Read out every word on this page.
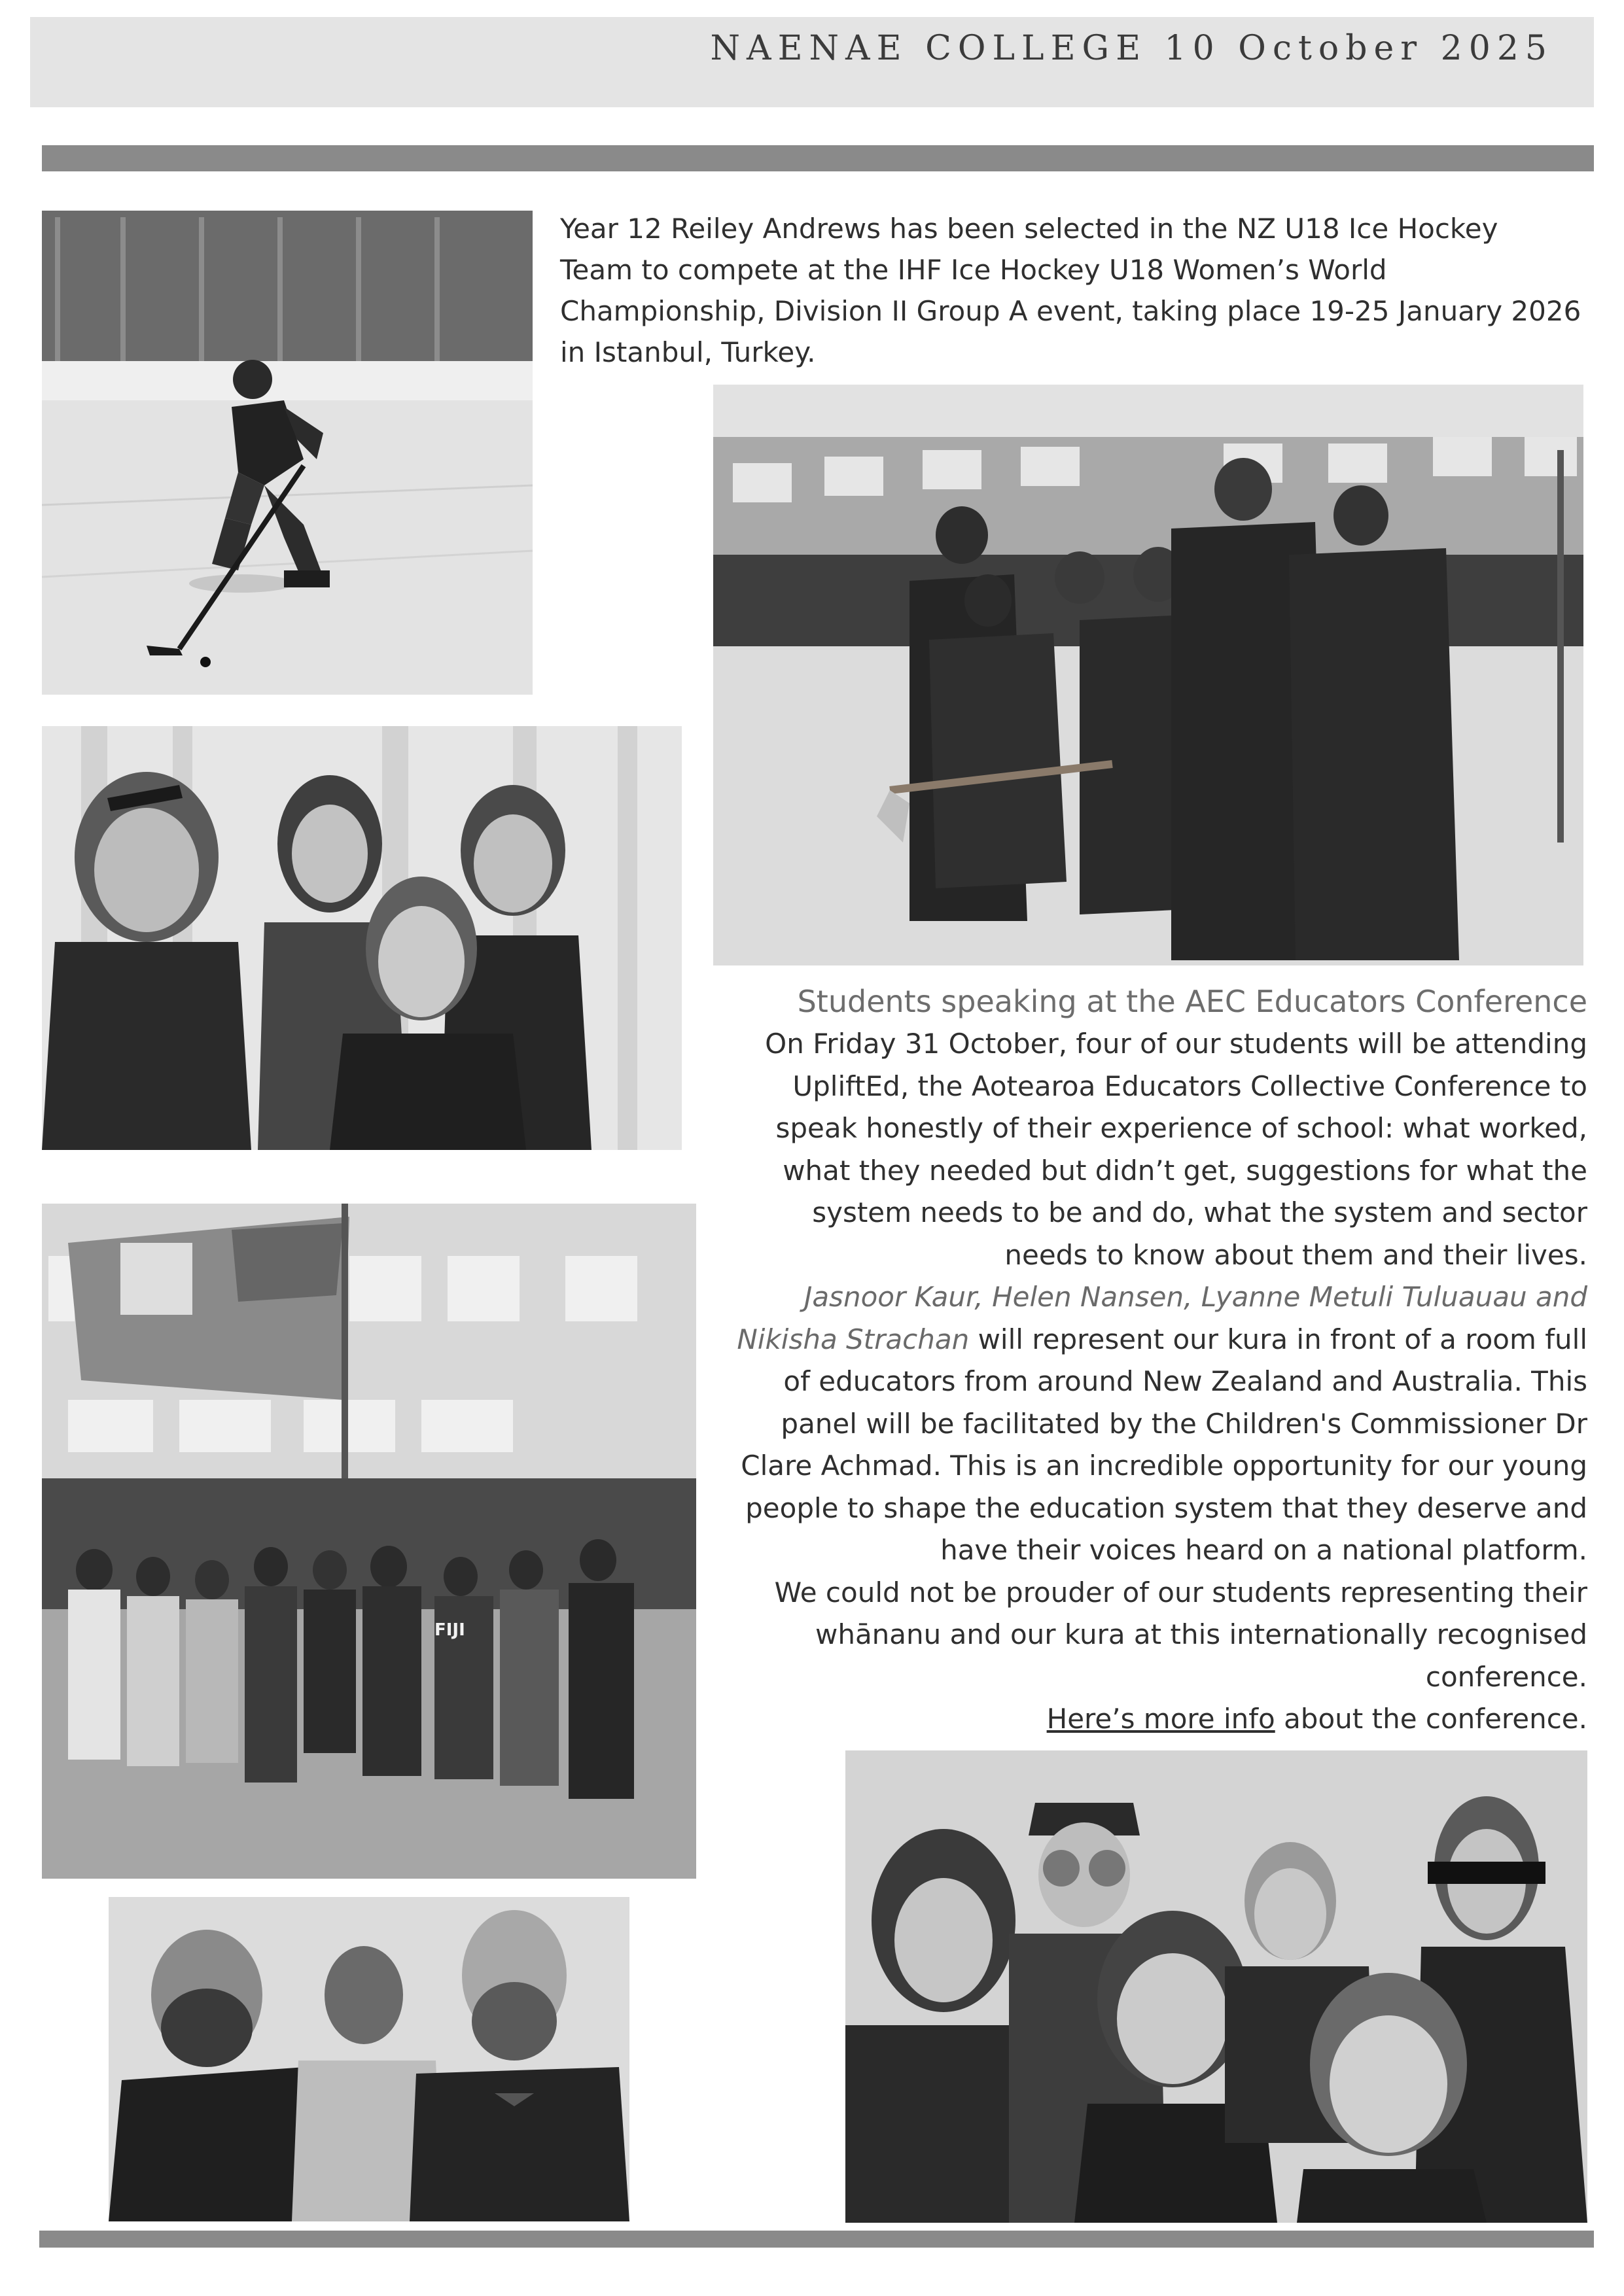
NAENAE COLLEGE 10 October 2025
Year 12 Reiley Andrews has been selected in the NZ U18 Ice Hockey
Team to compete at the IHF Ice Hockey U18 Women’s World
Championship, Division II Group A event, taking place 19-25 January 2026
in Istanbul, Turkey.
FIJI
Students speaking at the AEC Educators Conference
On Friday 31 October, four of our students will be attending
UpliftEd, the Aotearoa Educators Collective Conference to
speak honestly of their experience of school: what worked,
what they needed but didn’t get, suggestions for what the
system needs to be and do, what the system and sector
needs to know about them and their lives.
Jasnoor Kaur, Helen Nansen, Lyanne Metuli Tuluauau and
Nikisha Strachan will represent our kura in front of a room full
of educators from around New Zealand and Australia. This
panel will be facilitated by the Children's Commissioner Dr
Clare Achmad. This is an incredible opportunity for our young
people to shape the education system that they deserve and
have their voices heard on a national platform.
We could not be prouder of our students representing their
whānanu and our kura at this internationally recognised
conference.
Here’s more info about the conference.
